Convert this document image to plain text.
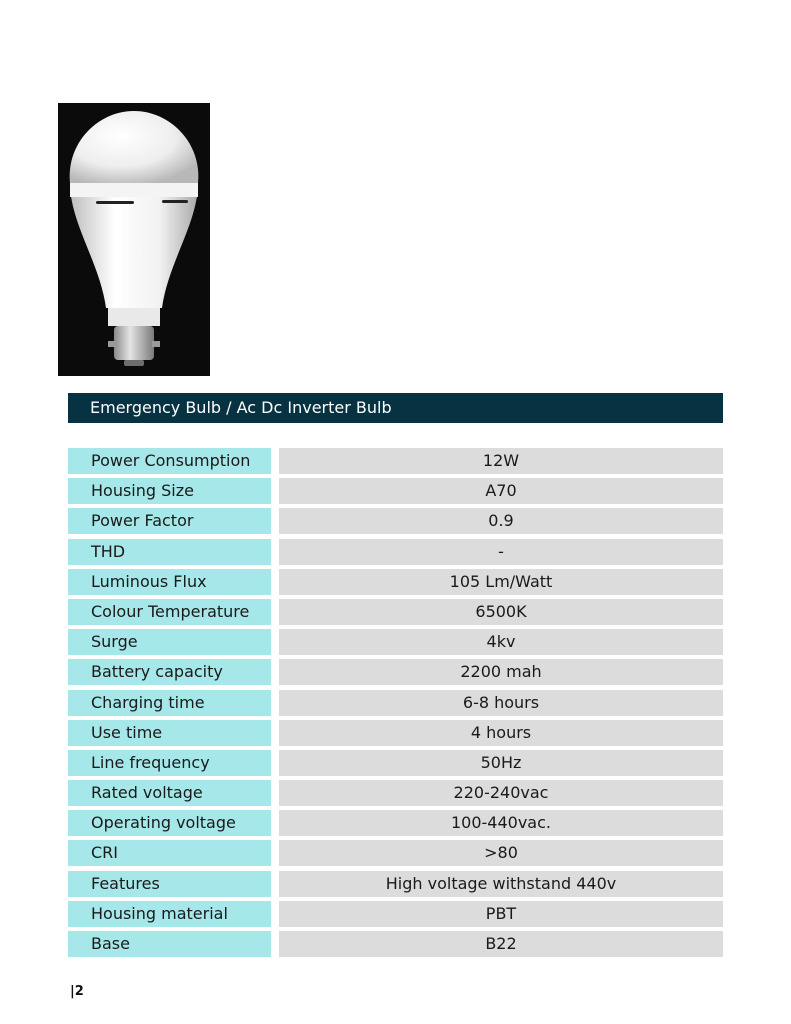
Emergency Bulb / Ac Dc Inverter Bulb
Power Consumption	12W
Housing Size	A70
Power Factor	0.9
THD	-
Luminous Flux	105 Lm/Watt
Colour Temperature	6500K
Surge	4kv
Battery capacity	2200 mah
Charging time	6-8 hours
Use time	4 hours
Line frequency	50Hz
Rated voltage	220-240vac
Operating voltage	100-440vac.
CRI	>80
Features	High voltage withstand 440v
Housing material	PBT
Base	B22
|2
